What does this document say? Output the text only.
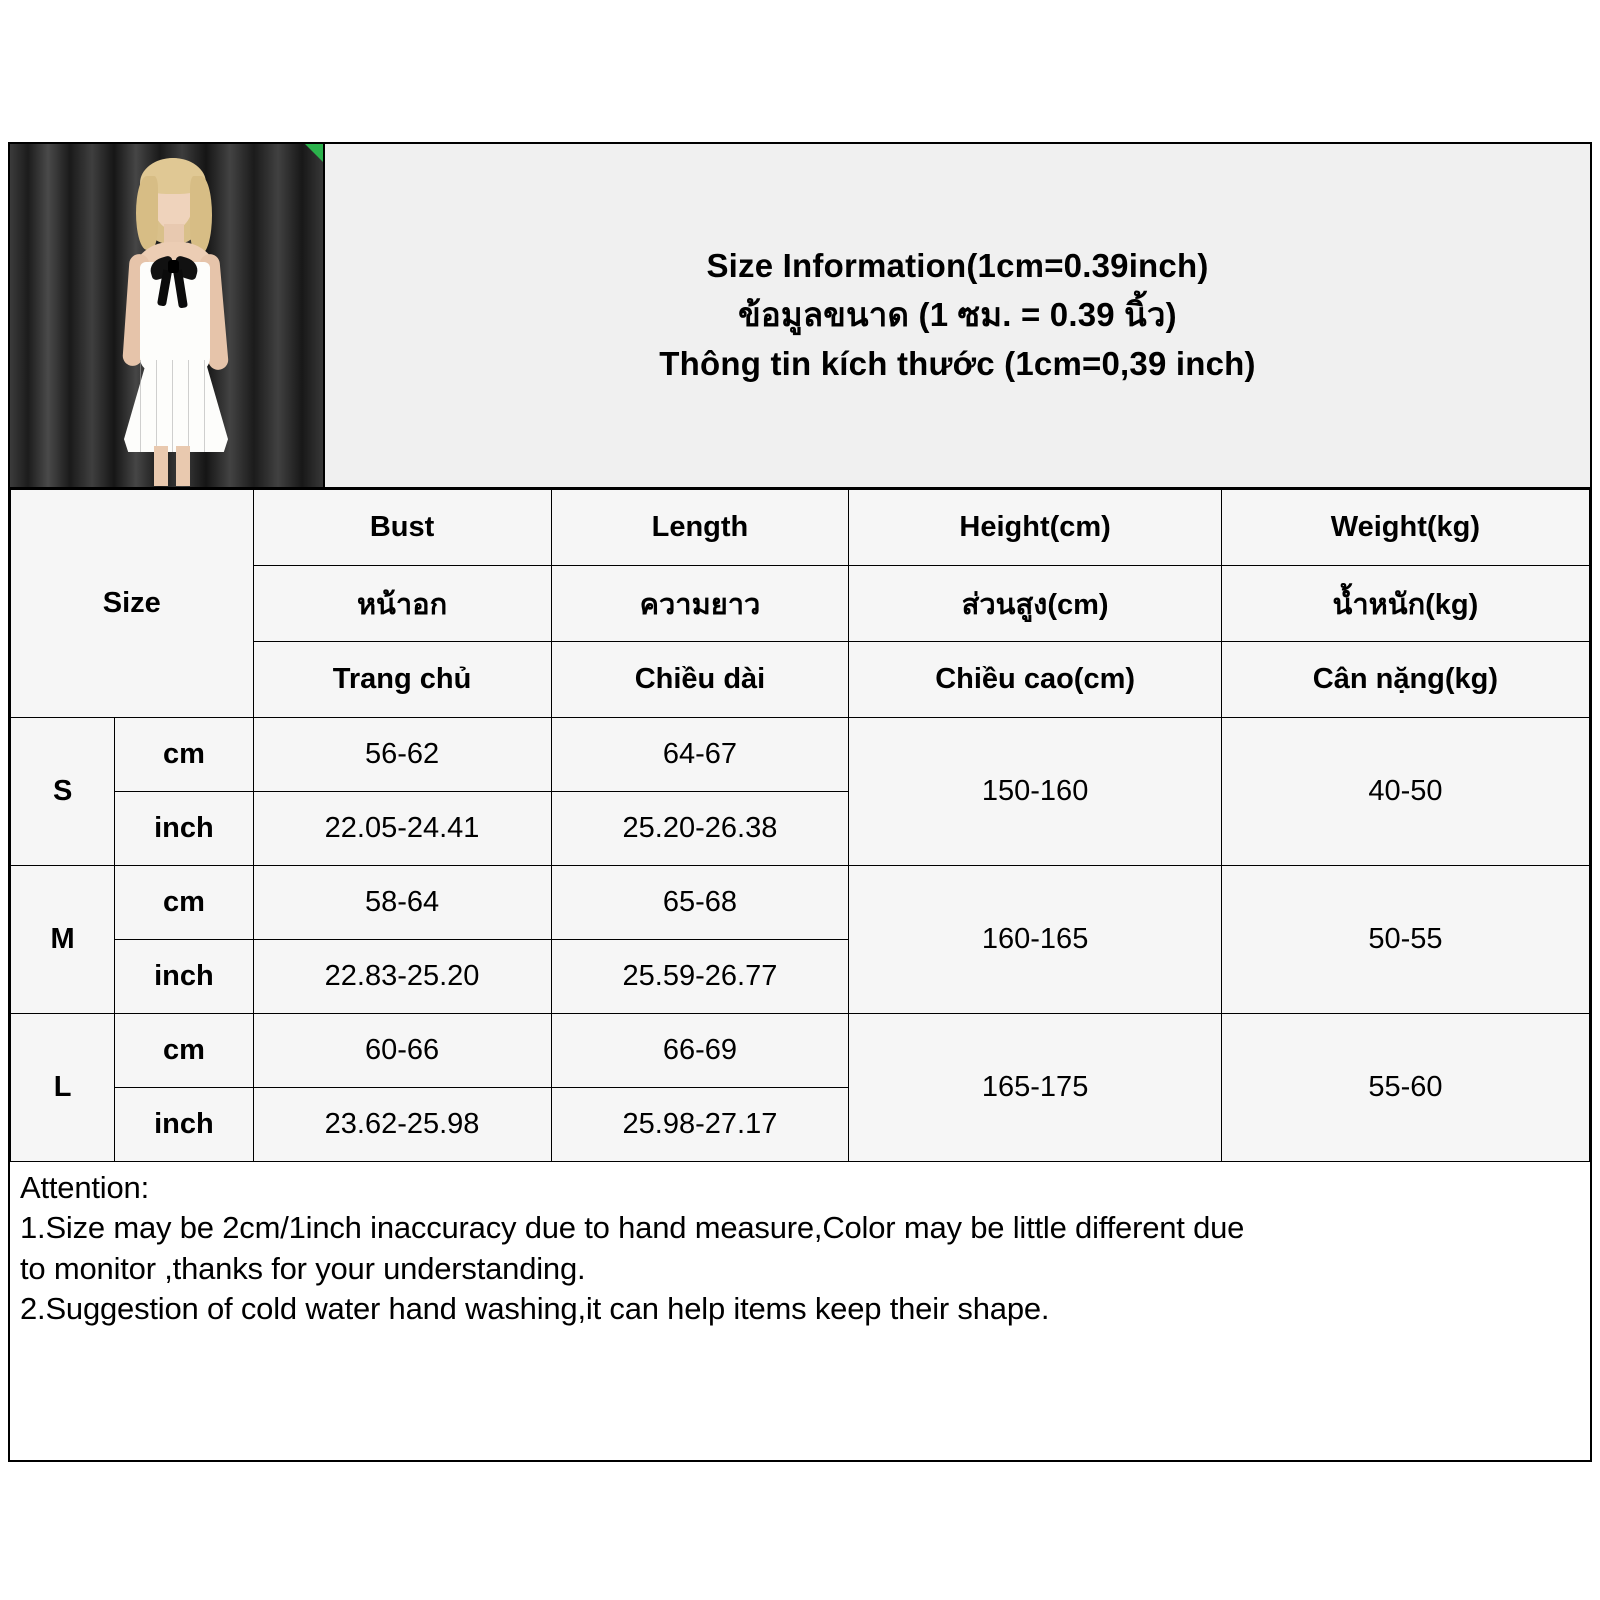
Size Information(1cm=0.39inch)
ข้อมูลขนาด (1 ซม. = 0.39 นิ้ว)
Thông tin kích thước (1cm=0,39 inch)
Size		Bust	Length	Height(cm)	Weight(kg)
		หน้าอก	ความยาว	ส่วนสูง(cm)	น้ำหนัก(kg)
		Trang chủ	Chiều dài	Chiều cao(cm)	Cân nặng(kg)
S	cm	56-62	64-67	150-160	40-50
	inch	22.05-24.41	25.20-26.38		
M	cm	58-64	65-68	160-165	50-55
	inch	22.83-25.20	25.59-26.77		
L	cm	60-66	66-69	165-175	55-60
	inch	23.62-25.98	25.98-27.17		
Attention:
1.Size may be 2cm/1inch inaccuracy due to hand measure,Color may be little different due
to monitor ,thanks for your understanding.
2.Suggestion of cold water hand washing,it can help items keep their shape.
